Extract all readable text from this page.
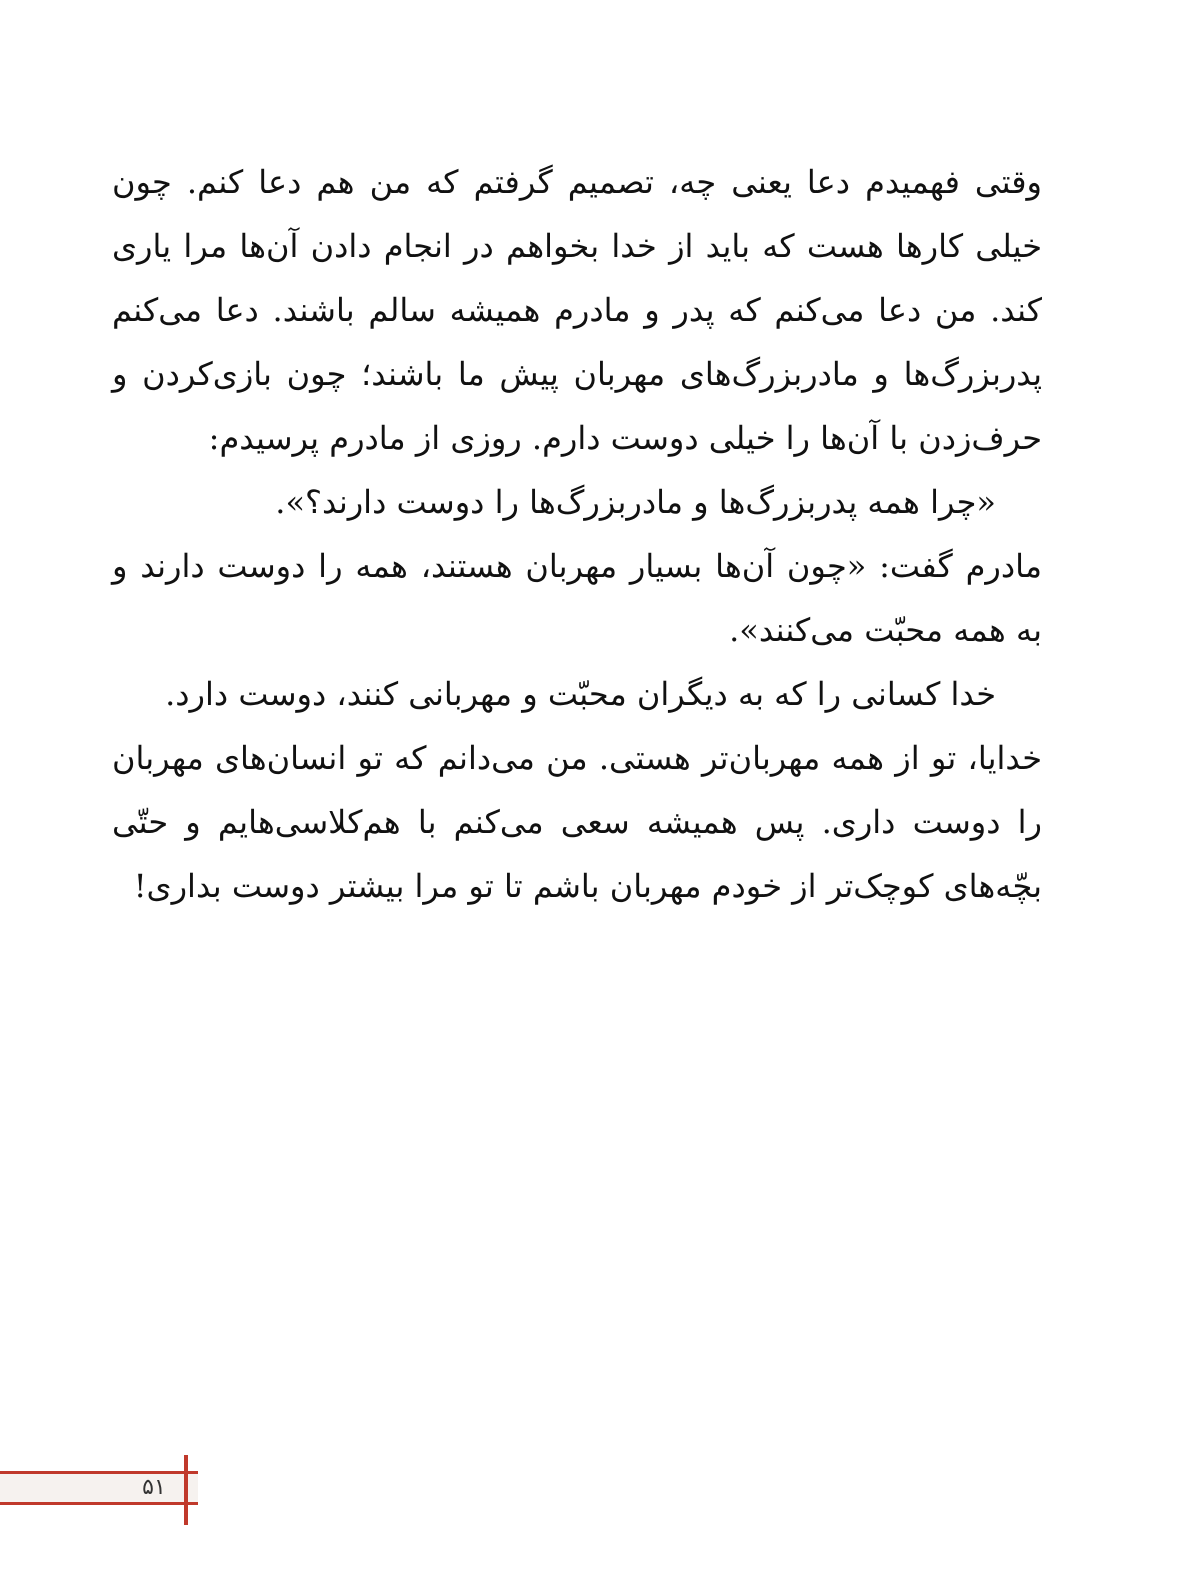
وقتی فهمیدم دعا یعنی چه، تصمیم گرفتم که من هم دعا کنم. چون خیلی کارها هست که باید از خدا بخواهم در انجام دادن آن‌ها مرا یاری کند. من دعا می‌کنم که پدر و مادرم همیشه سالم باشند. دعا می‌کنم پدربزرگ‌ها و مادربزرگ‌های مهربان پیش ما باشند؛ چون بازی‌کردن و حرف‌زدن با آن‌ها را خیلی دوست دارم. روزی از مادرم پرسیدم:

«چرا همه پدربزرگ‌ها و مادربزرگ‌ها را دوست دارند؟».

مادرم گفت: «چون آن‌ها بسیار مهربان هستند، همه را دوست دارند و به همه محبّت می‌کنند».

خدا کسانی را که به دیگران محبّت و مهربانی کنند، دوست دارد.

خدایا، تو از همه مهربان‌تر هستی. من می‌دانم که تو انسان‌های مهربان را دوست داری. پس همیشه سعی می‌کنم با هم‌کلاسی‌هایم و حتّی بچّه‌های کوچک‌تر از خودم مهربان باشم تا تو مرا بیشتر دوست بداری!

۵۱
